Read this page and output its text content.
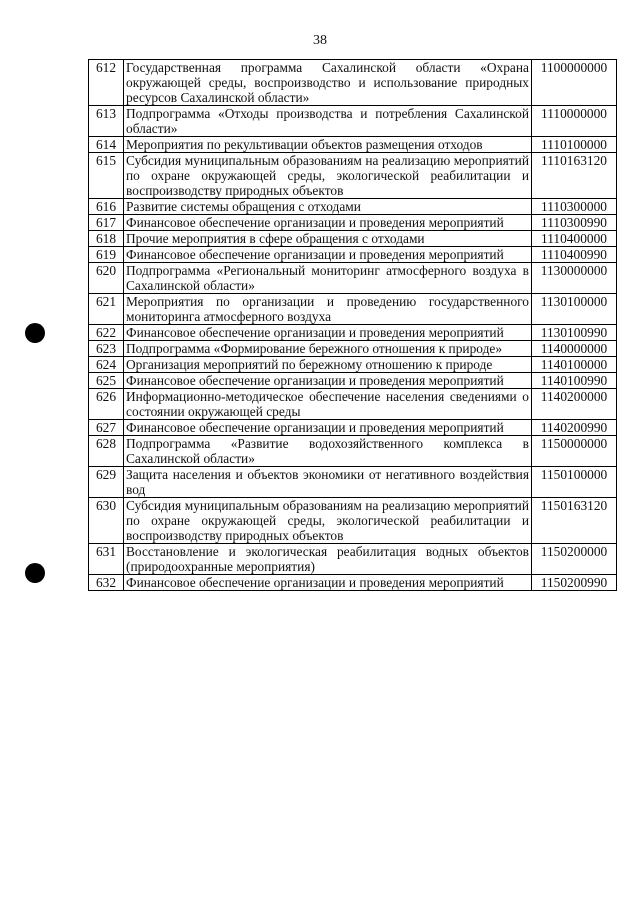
38
612	Государственная программа Сахалинской области «Охрана окружающей среды, воспроизводство и использование природных ресурсов Сахалинской области»	1100000000
613	Подпрограмма «Отходы производства и потребления Сахалинской области»	1110000000
614	Мероприятия по рекультивации объектов размещения отходов	1110100000
615	Субсидия муниципальным образованиям на реализацию мероприятий по охране окружающей среды, экологической реабилитации и воспроизводству природных объектов	1110163120
616	Развитие системы обращения с отходами	1110300000
617	Финансовое обеспечение организации и проведения мероприятий	1110300990
618	Прочие мероприятия в сфере обращения с отходами	1110400000
619	Финансовое обеспечение организации и проведения мероприятий	1110400990
620	Подпрограмма «Региональный мониторинг атмосферного воздуха в Сахалинской области»	1130000000
621	Мероприятия по организации и проведению государственного мониторинга атмосферного воздуха	1130100000
622	Финансовое обеспечение организации и проведения мероприятий	1130100990
623	Подпрограмма «Формирование бережного отношения к природе»	1140000000
624	Организация мероприятий по бережному отношению к природе	1140100000
625	Финансовое обеспечение организации и проведения мероприятий	1140100990
626	Информационно-методическое обеспечение населения сведениями о состоянии окружающей среды	1140200000
627	Финансовое обеспечение организации и проведения мероприятий	1140200990
628	Подпрограмма «Развитие водохозяйственного комплекса в Сахалинской области»	1150000000
629	Защита населения и объектов экономики от негативного воздействия вод	1150100000
630	Субсидия муниципальным образованиям на реализацию мероприятий по охране окружающей среды, экологической реабилитации и воспроизводству природных объектов	1150163120
631	Восстановление и экологическая реабилитация водных объектов (природоохранные мероприятия)	1150200000
632	Финансовое обеспечение организации и проведения мероприятий	1150200990
